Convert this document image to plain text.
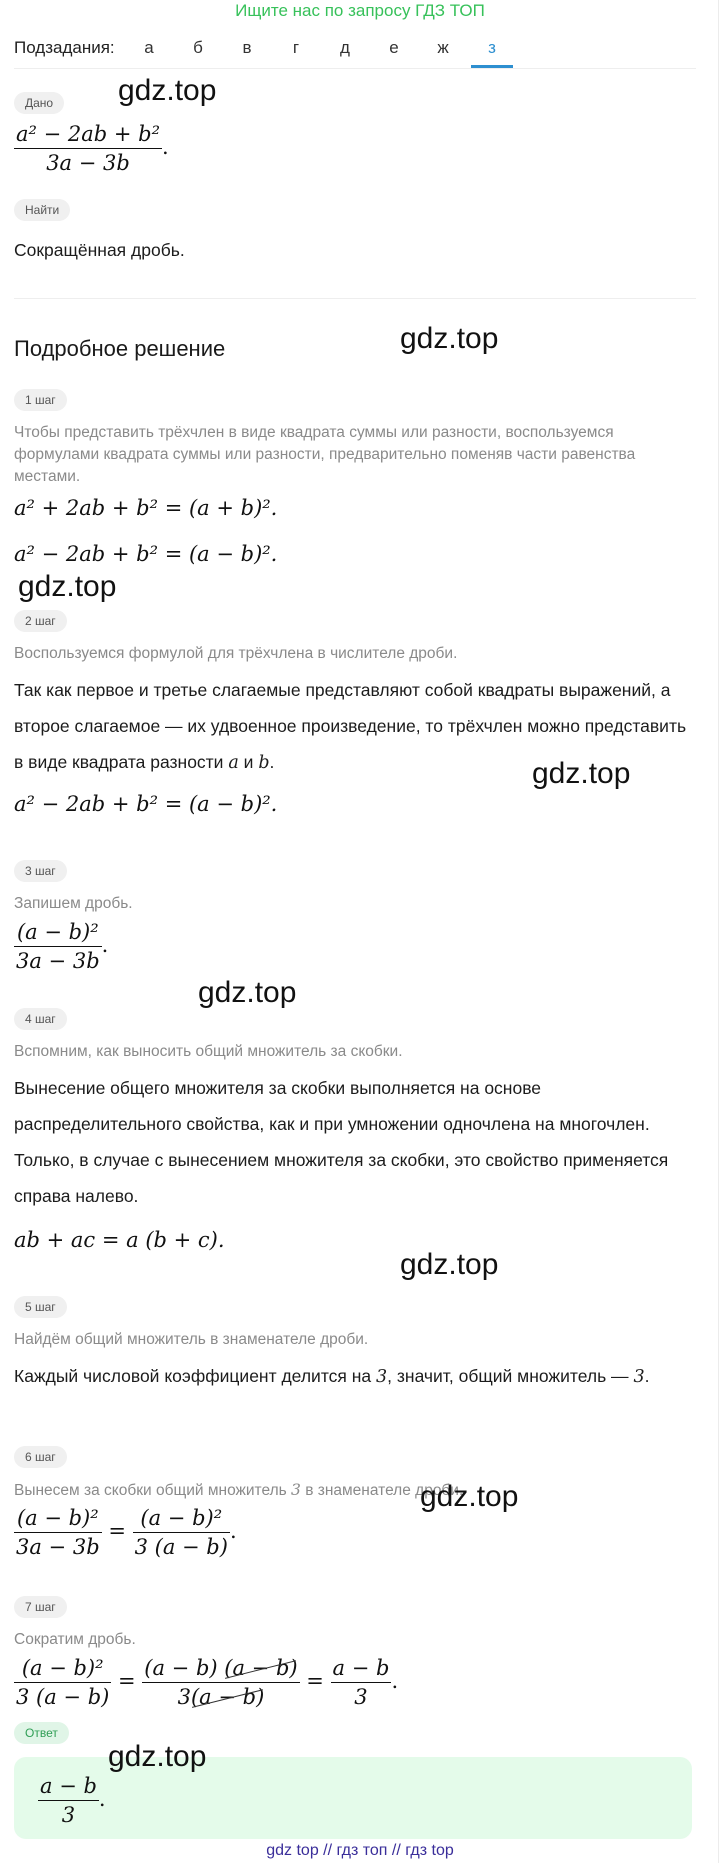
Ищите нас по запросу ГДЗ ТОП
Подзадания:	а	б	в	г	д	е	ж	з
Дано
$\frac{\text{a² − 2ab + b²}}{3a - 3b}$ .
Найти
Сокращённая дробь.
Подробное решение
1 шаг
Чтобы представить трёхчлен в виде квадрата суммы или разности, воспользуемся формулами квадрата суммы или разности, предварительно поменяв части равенства местами.
a² + 2ab + b² = (a + b)².
a² − 2ab + b² = (a − b)².
2 шаг
Воспользуемся формулой для трёхчлена в числителе дроби.
Так как первое и третье слагаемые представляют собой квадраты выражений, а второе слагаемое — их удвоенное произведение, то трёхчлен можно представить в виде квадрата разности a и b.
a² − 2ab + b² = (a − b)².
3 шаг
Запишем дробь.
$\frac{\text{(a − b)²}}{3a - 3b}$ .
4 шаг
Вспомним, как выносить общий множитель за скобки.
Вынесение общего множителя за скобки выполняется на основе распределительного свойства, как и при умножении одночлена на многочлен. Только, в случае с вынесением множителя за скобки, это свойство применяется справа налево.
ab + ac = a (b + c).
5 шаг
Найдём общий множитель в знаменателе дроби.
Каждый числовой коэффициент делится на 3, значит, общий множитель — 3.
6 шаг
Вынесем за скобки общий множитель 3 в знаменателе дроби.
$\frac{\text{(a − b)²}}{3a - 3b} = \frac{\text{(a − b)²}}{3 (a - b)}$ .
7 шаг
Сократим дробь.
$\frac{\text{(a − b)²}}{3 (a - b)} = \frac{(a - b) (a - b)}{3(a - b)} = \frac{a - b}{3}$ .
Ответ
$\frac{a - b}{3}$ .
gdz.top
gdz.top
gdz.top
gdz.top
gdz.top
gdz.top
gdz.top
gdz.top
gdz top // гдз топ // гдз top
